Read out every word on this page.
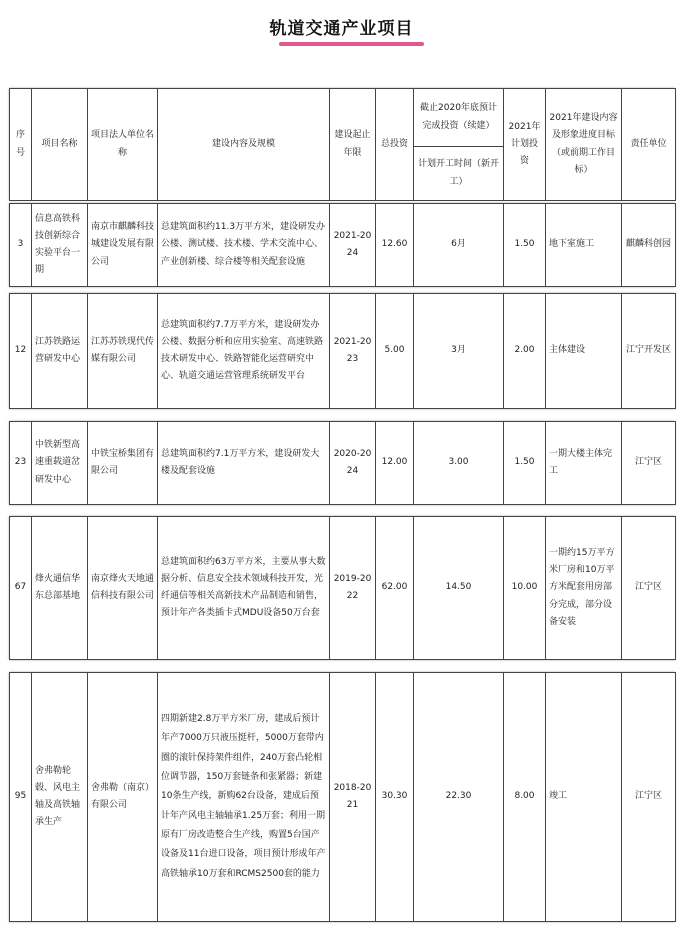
轨道交通产业项目
序号	项目名称	项目法人单位名称	建设内容及规模	建设起止年限	总投资	截止2020年底预计完成投资（续建）	2021年计划投资	2021年建设内容及形象进度目标（或前期工作目标）	责任单位
计划开工时间（新开工）
3	信息高铁科技创新综合实验平台一期	南京市麒麟科技城建设发展有限公司	总建筑面积约11.3万平方米，建设研发办公楼、测试楼、技术楼、学术交流中心、产业创新楼、综合楼等相关配套设施	2021-2024	12.60	6月	1.50	地下室施工	麒麟科创园
12	江苏铁路运营研发中心	江苏苏铁现代传媒有限公司	总建筑面积约7.7万平方米，建设研发办公楼、数据分析和应用实验室、高速铁路技术研发中心、铁路智能化运营研究中心、轨道交通运营管理系统研发平台	2021-2023	5.00	3月	2.00	主体建设	江宁开发区
23	中铁新型高速重载道岔研发中心	中铁宝桥集团有限公司	总建筑面积约7.1万平方米，建设研发大楼及配套设施	2020-2024	12.00	3.00	1.50	一期大楼主体完工	江宁区
67	烽火通信华东总部基地	南京烽火天地通信科技有限公司	总建筑面积约63万平方米，主要从事大数据分析、信息安全技术领域科技开发，光纤通信等相关高新技术产品制造和销售，预计年产各类插卡式MDU设备50万台套	2019-2022	62.00	14.50	10.00	一期约15万平方米厂房和10万平方米配套用房部分完成，部分设备安装	江宁区
95	舍弗勒轮毂、风电主轴及高铁轴承生产	舍弗勒（南京）有限公司	四期新建2.8万平方米厂房，建成后预计年产7000万只液压挺杆，5000万套带内圈的滚针保持架件组件，240万套凸轮相位调节器，150万套链条和张紧器；新建10条生产线，新购62台设备，建成后预计年产风电主轴轴承1.25万套；利用一期原有厂房改造整合生产线，购置5台国产设备及11台进口设备，项目预计形成年产高铁轴承10万套和RCMS2500套的能力	2018-2021	30.30	22.30	8.00	竣工	江宁区
